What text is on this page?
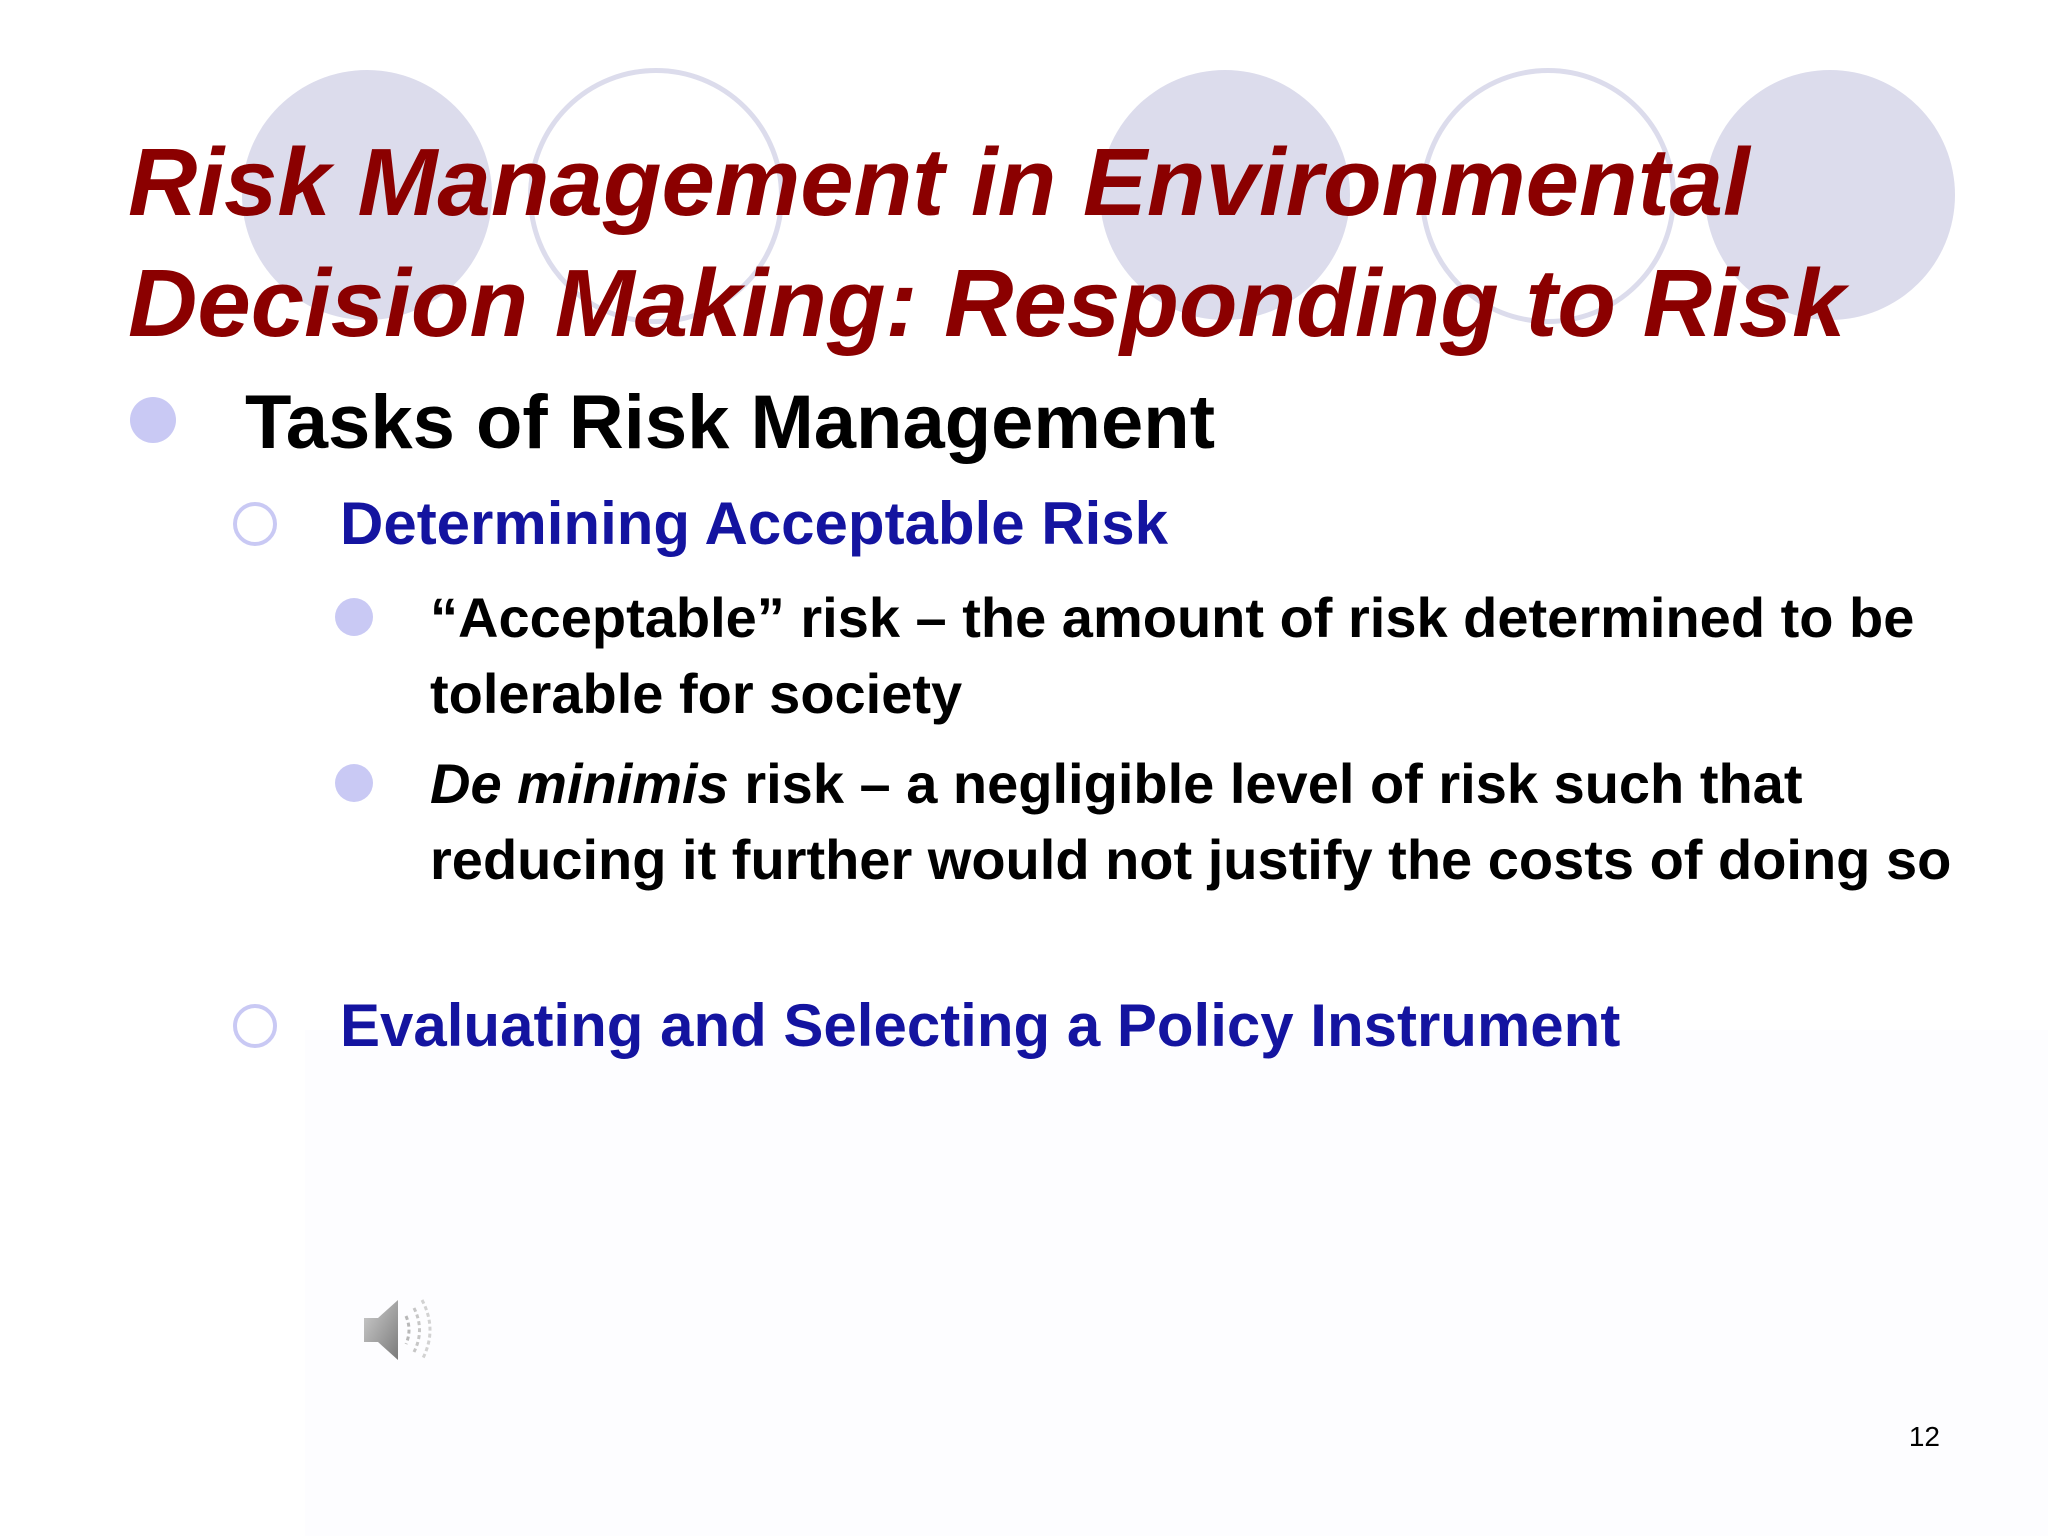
Risk Management in Environmental
Decision Making: Responding to Risk
Tasks of Risk Management
Determining Acceptable Risk
“Acceptable” risk – the amount of risk determined to be tolerable for society
De minimis risk – a negligible level of risk such that reducing it further would not justify the costs of doing so
Evaluating and Selecting a Policy Instrument
12
